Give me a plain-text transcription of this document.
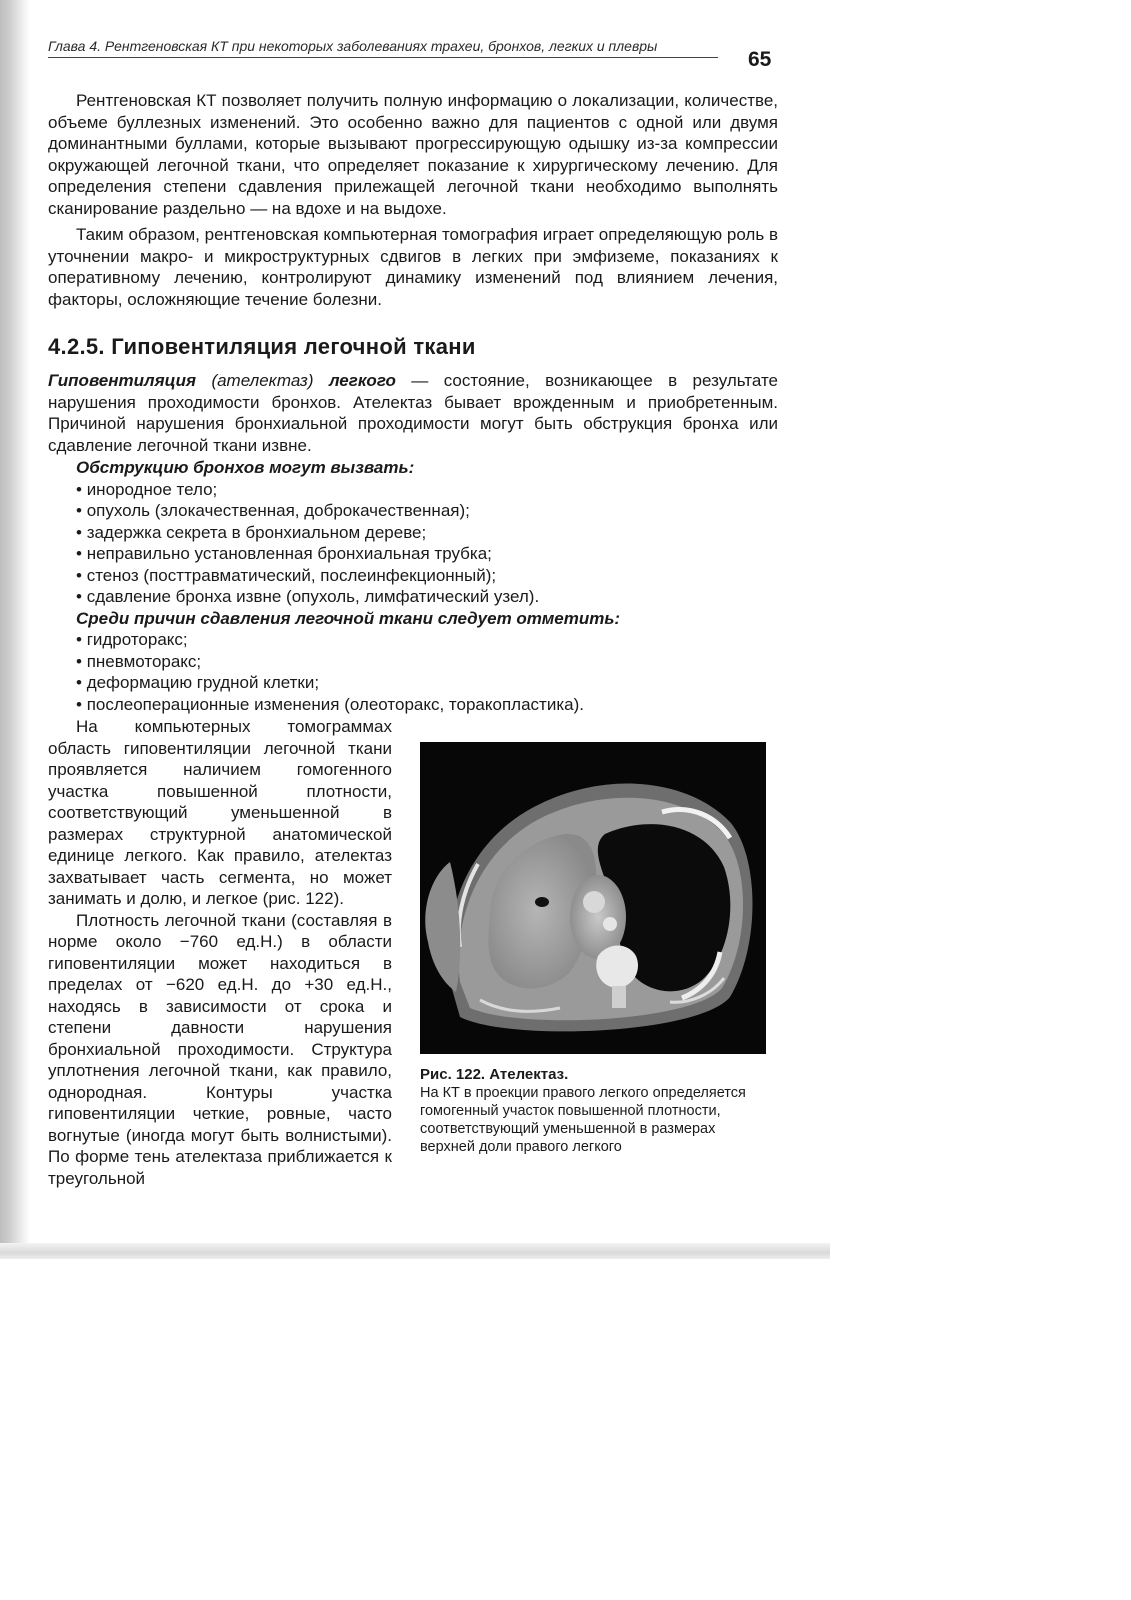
Глава 4. Рентгеновская КТ при некоторых заболеваниях трахеи, бронхов, легких и плевры
65

Рентгеновская КТ позволяет получить полную информацию о локализации, количестве, объеме буллезных изменений. Это особенно важно для пациентов с одной или двумя доминантными буллами, которые вызывают прогрессирующую одышку из-за компрессии окружающей легочной ткани, что определяет показание к хирургическому лечению. Для определения степени сдавления прилежащей легочной ткани необходимо выполнять сканирование раздельно — на вдохе и на выдохе.

Таким образом, рентгеновская компьютерная томография играет определяющую роль в уточнении макро- и микроструктурных сдвигов в легких при эмфиземе, показаниях к оперативному лечению, контролируют динамику изменений под влиянием лечения, факторы, осложняющие течение болезни.

4.2.5. Гиповентиляция легочной ткани

Гиповентиляция (ателектаз) легкого — состояние, возникающее в результате нарушения проходимости бронхов. Ателектаз бывает врожденным и приобретенным. Причиной нарушения бронхиальной проходимости могут быть обструкция бронха или сдавление легочной ткани извне.

Обструкцию бронхов могут вызвать:

• инородное тело;
• опухоль (злокачественная, доброкачественная);
• задержка секрета в бронхиальном дереве;
• неправильно установленная бронхиальная трубка;
• стеноз (посттравматический, послеинфекционный);
• сдавление бронха извне (опухоль, лимфатический узел).

Среди причин сдавления легочной ткани следует отметить:

• гидроторакс;
• пневмоторакс;
• деформацию грудной клетки;
• послеоперационные изменения (олеоторакс, торакопластика).

На компьютерных томограммах область гиповентиляции легочной ткани проявляется наличием гомогенного участка повышенной плотности, соответствующий уменьшенной в размерах структурной анатомической единице легкого. Как правило, ателектаз захватывает часть сегмента, но может занимать и долю, и легкое (рис. 122).

Плотность легочной ткани (составляя в норме около −760 ед.Н.) в области гиповентиляции может находиться в пределах от −620 ед.Н. до +30 ед.Н., находясь в зависимости от срока и степени давности нарушения бронхиальной проходимости. Структура уплотнения легочной ткани, как правило, однородная. Контуры участка гиповентиляции четкие, ровные, часто вогнутые (иногда могут быть волнистыми). По форме тень ателектаза приближается к треугольной

Рис. 122. Ателектаз.

На КТ в проекции правого легкого определяется гомогенный участок повышенной плотности, соответствующий уменьшенной в размерах верхней доли правого легкого
